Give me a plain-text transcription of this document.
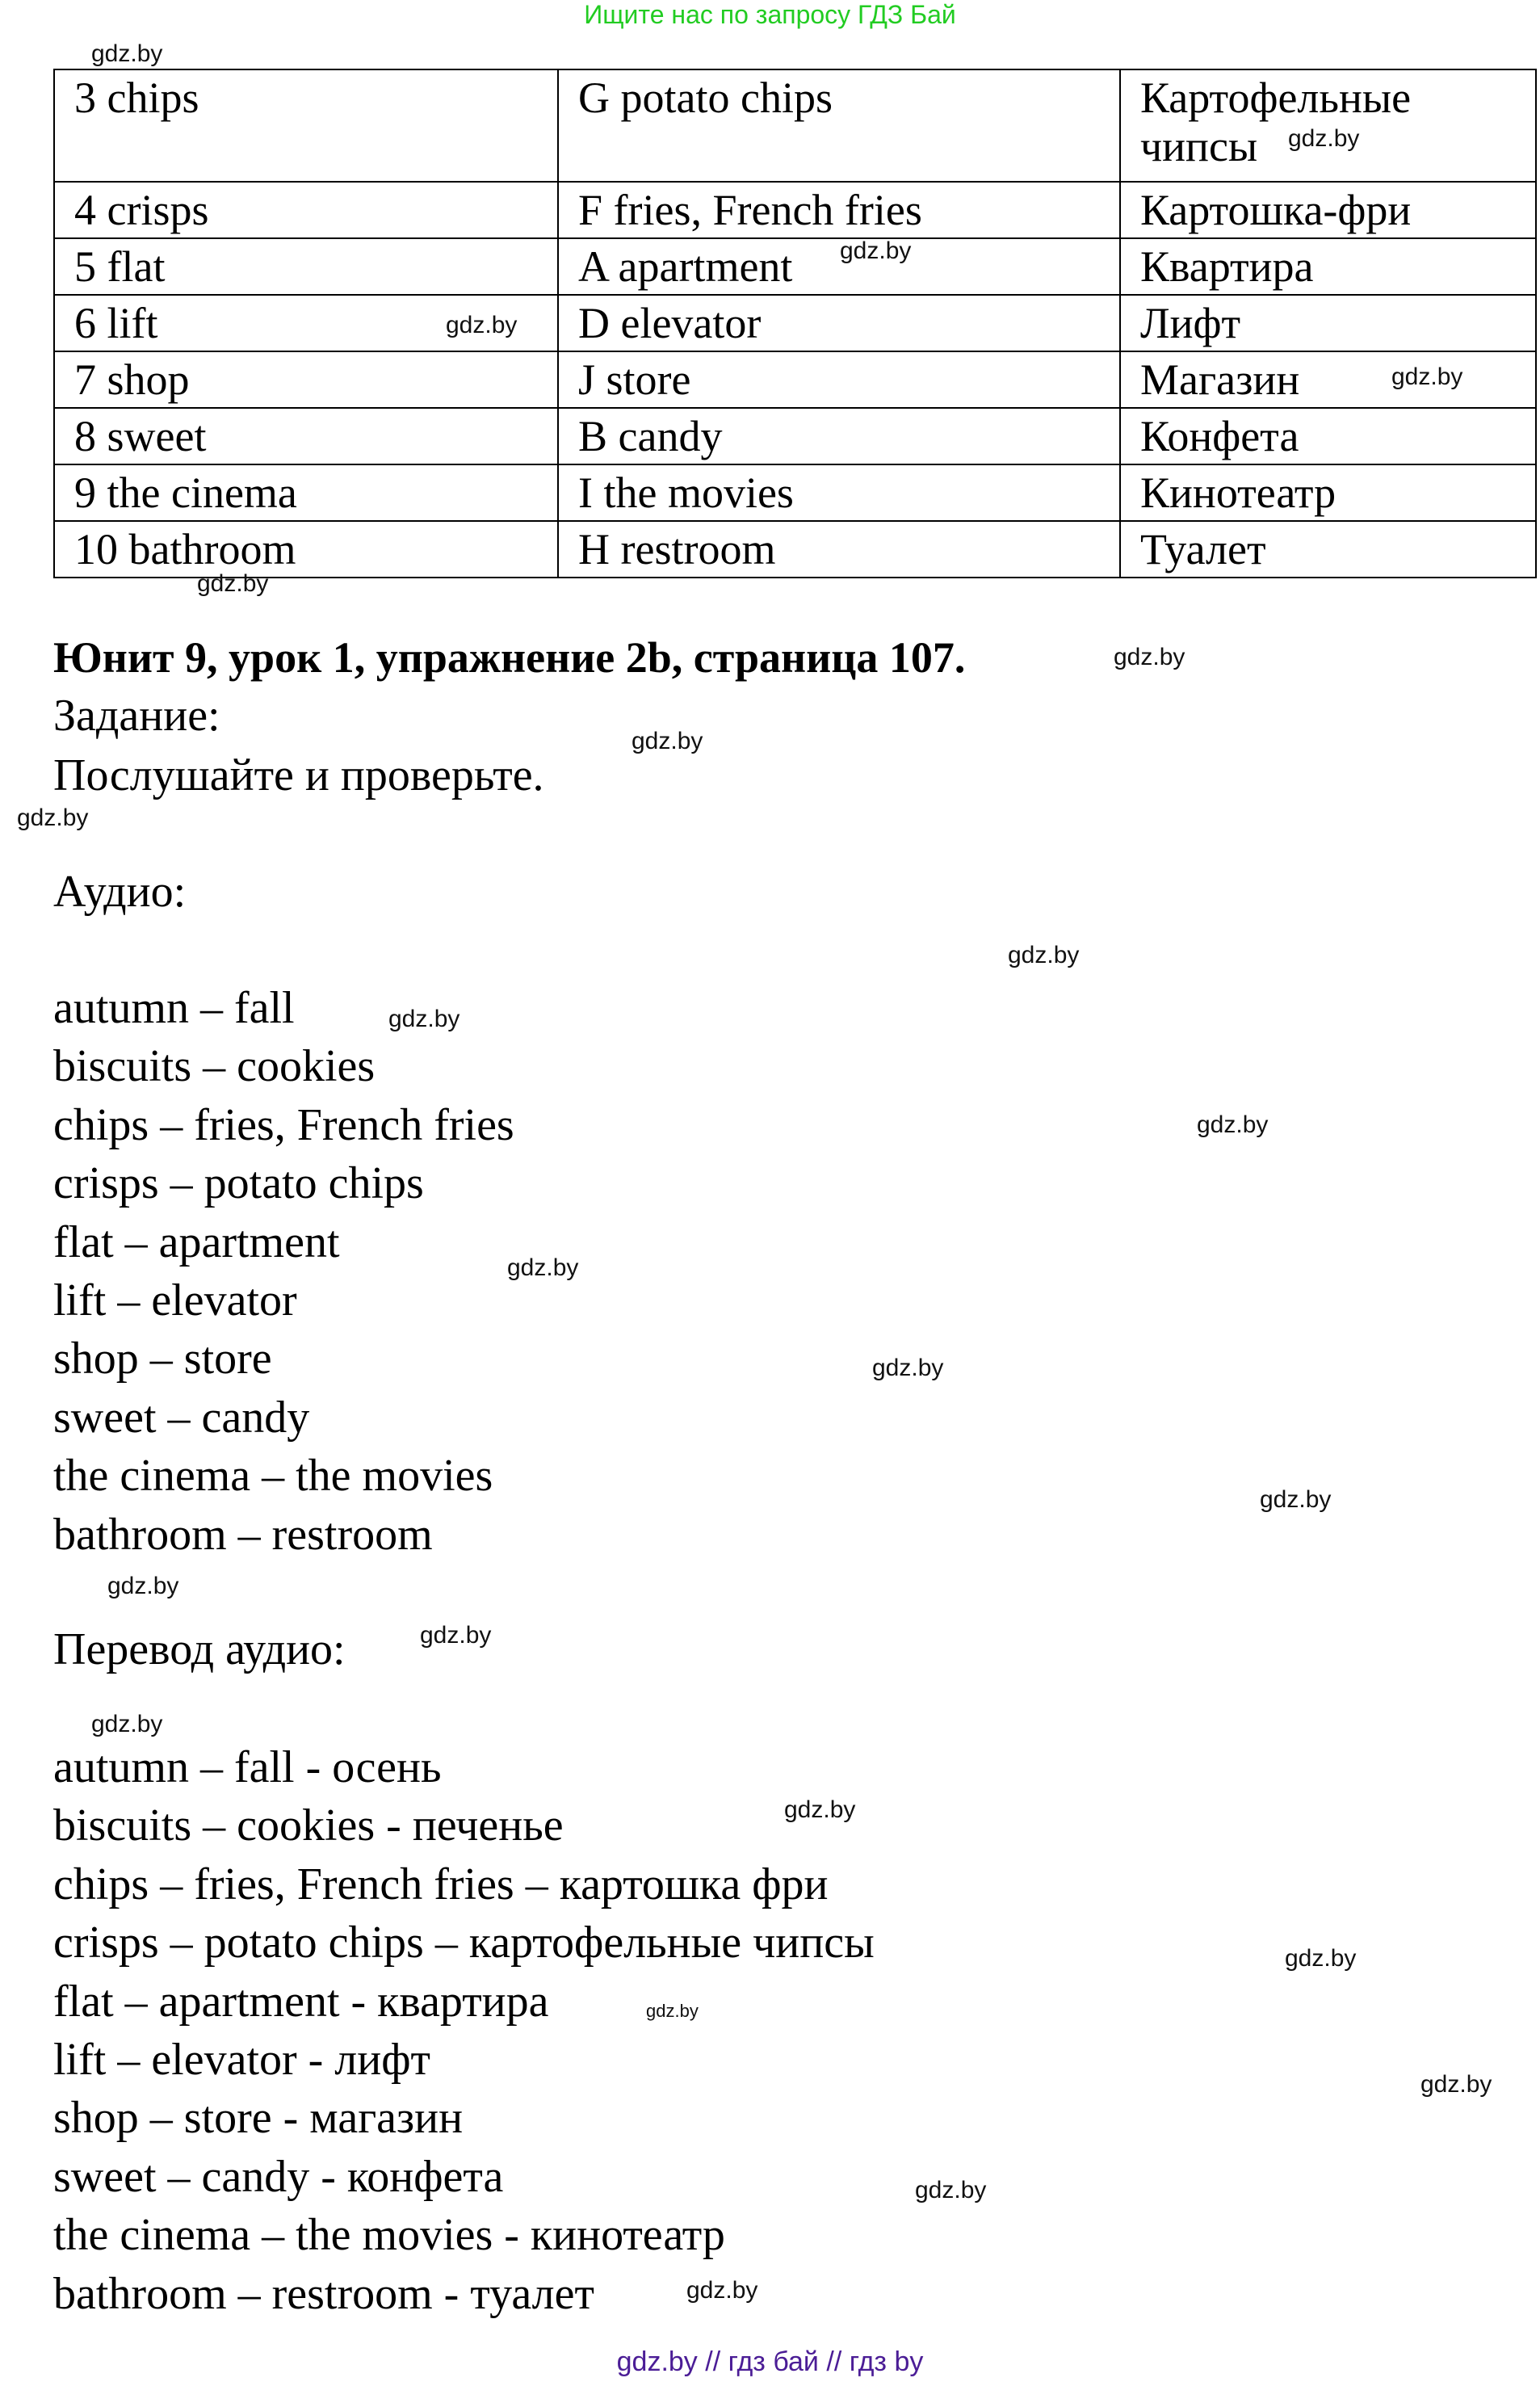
Ищите нас по запросу ГДЗ Бай
3 chips	G potato chips	Картофельные чипсы
4 crisps	F fries, French fries	Картошка-фри
5 flat	A apartment	Квартира
6 lift	D elevator	Лифт
7 shop	J store	Магазин
8 sweet	B candy	Конфета
9 the cinema	I the movies	Кинотеатр
10 bathroom	H restroom	Туалет
Юнит 9, урок 1, упражнение 2b, страница 107.
Задание:
Послушайте и проверьте.
Аудио:
autumn – fall
biscuits – cookies
chips – fries, French fries
crisps – potato chips
flat – apartment
lift – elevator
shop – store
sweet – candy
the cinema – the movies
bathroom – restroom
Перевод аудио:
autumn – fall - осень
biscuits – cookies - печенье
chips – fries, French fries – картошка фри
crisps – potato chips – картофельные чипсы
flat – apartment - квартира
lift – elevator - лифт
shop – store - магазин
sweet – candy - конфета
the cinema – the movies - кинотеатр
bathroom – restroom - туалет
gdz.by
gdz.by
gdz.by
gdz.by
gdz.by
gdz.by
gdz.by
gdz.by
gdz.by
gdz.by
gdz.by
gdz.by
gdz.by
gdz.by
gdz.by
gdz.by
gdz.by
gdz.by
gdz.by
gdz.by
gdz.by
gdz.by
gdz.by
gdz.by
gdz.by // гдз бай // гдз by
